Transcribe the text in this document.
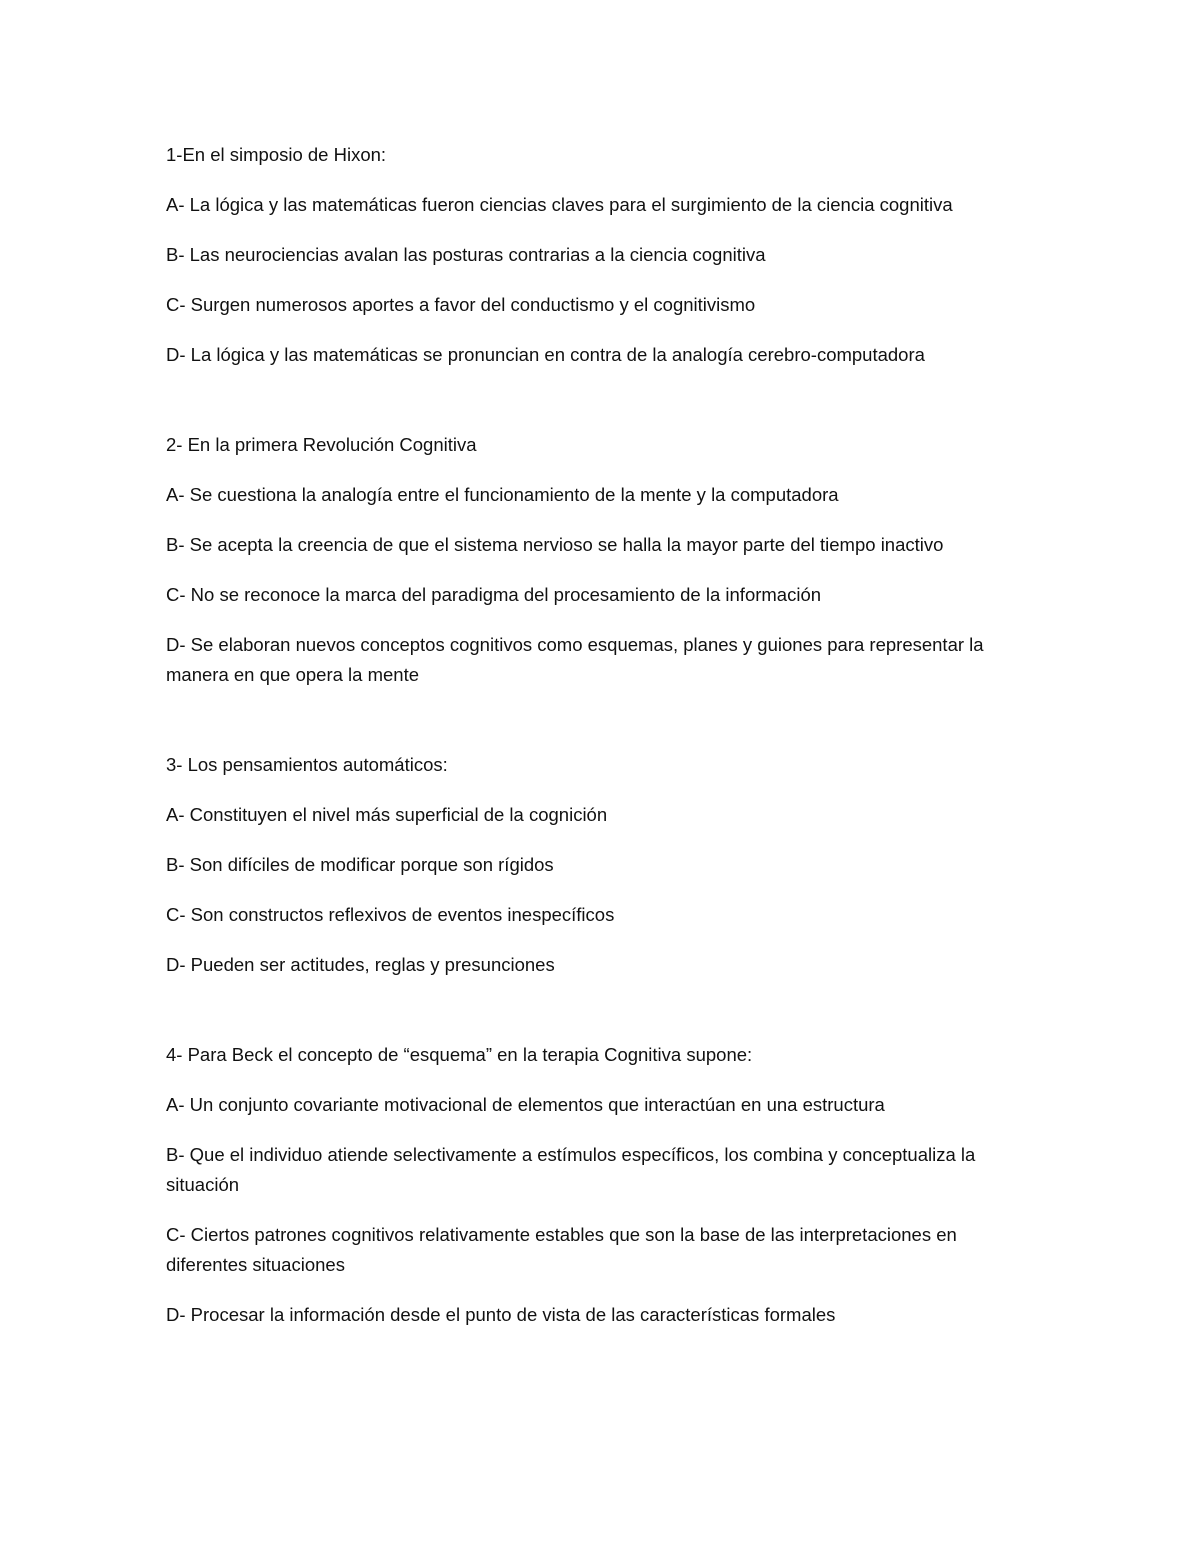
1-En el simposio de Hixon:

A- La lógica y las matemáticas fueron ciencias claves para el surgimiento de la ciencia cognitiva

B- Las neurociencias avalan las posturas contrarias a la ciencia cognitiva

C- Surgen numerosos aportes a favor del conductismo y el cognitivismo

D- La lógica y las matemáticas se pronuncian en contra de la analogía cerebro-computadora

2- En la primera Revolución Cognitiva

A- Se cuestiona la analogía entre el funcionamiento de la mente y la computadora

B- Se acepta la creencia de que el sistema nervioso se halla la mayor parte del tiempo inactivo

C- No se reconoce la marca del paradigma del procesamiento de la información

D- Se elaboran nuevos conceptos cognitivos como esquemas, planes y guiones para representar la manera en que opera la mente

3- Los pensamientos automáticos:

A- Constituyen el nivel más superficial de la cognición

B- Son difíciles de modificar porque son rígidos

C- Son constructos reflexivos de eventos inespecíficos

D- Pueden ser actitudes, reglas y presunciones

4- Para Beck el concepto de “esquema” en la terapia Cognitiva supone:

A- Un conjunto covariante motivacional de elementos que interactúan en una estructura

B- Que el individuo atiende selectivamente a estímulos específicos, los combina y conceptualiza la situación

C- Ciertos patrones cognitivos relativamente estables que son la base de las interpretaciones en diferentes situaciones

D- Procesar la información desde el punto de vista de las características formales
